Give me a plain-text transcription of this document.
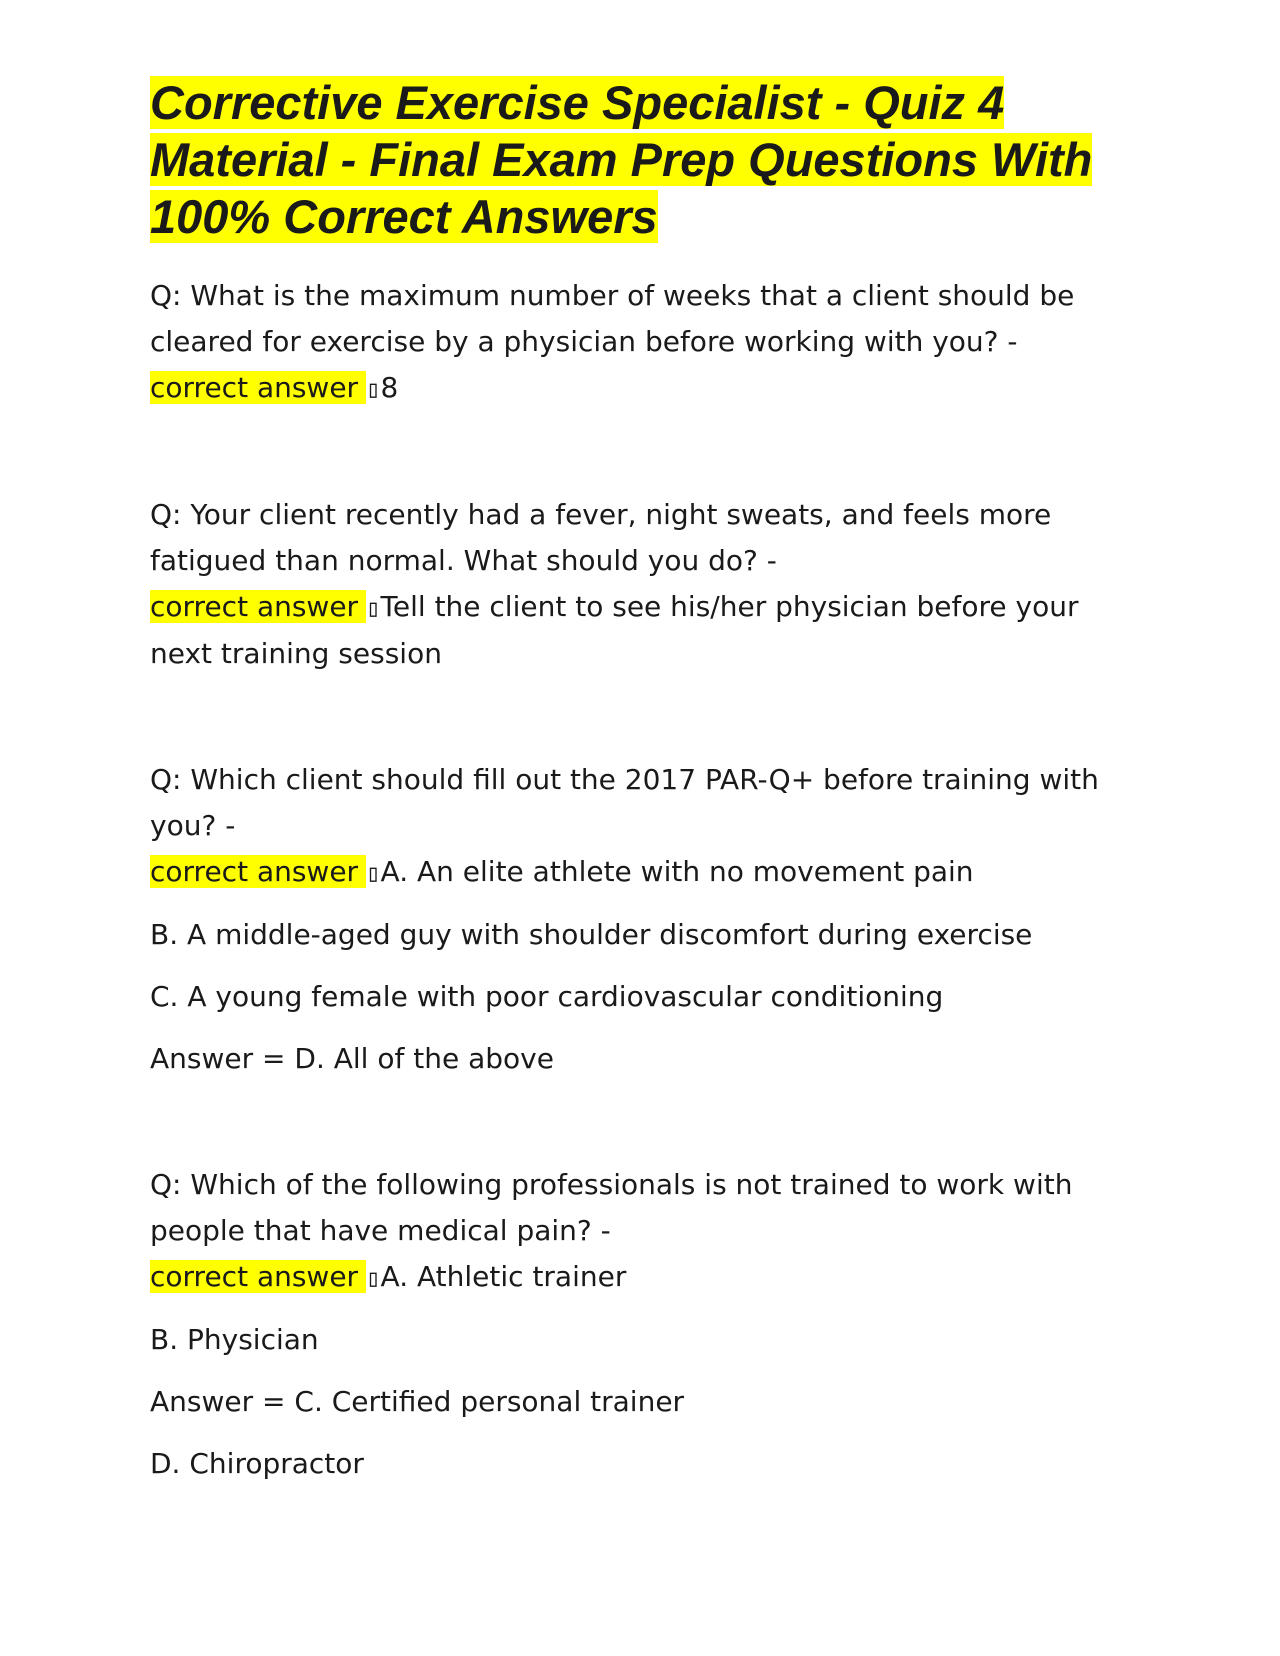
Corrective Exercise Specialist - Quiz 4 Material - Final Exam Prep Questions With 100% Correct Answers

Q: What is the maximum number of weeks that a client should be cleared for exercise by a physician before working with you? -
correct answer ▯8

Q: Your client recently had a fever, night sweats, and feels more fatigued than normal. What should you do? -
correct answer ▯Tell the client to see his/her physician before your next training session

Q: Which client should fill out the 2017 PAR-Q+ before training with you? -
correct answer ▯A. An elite athlete with no movement pain

B. A middle-aged guy with shoulder discomfort during exercise

C. A young female with poor cardiovascular conditioning

Answer = D. All of the above

Q: Which of the following professionals is not trained to work with people that have medical pain? -
correct answer ▯A. Athletic trainer

B. Physician

Answer = C. Certified personal trainer

D. Chiropractor
